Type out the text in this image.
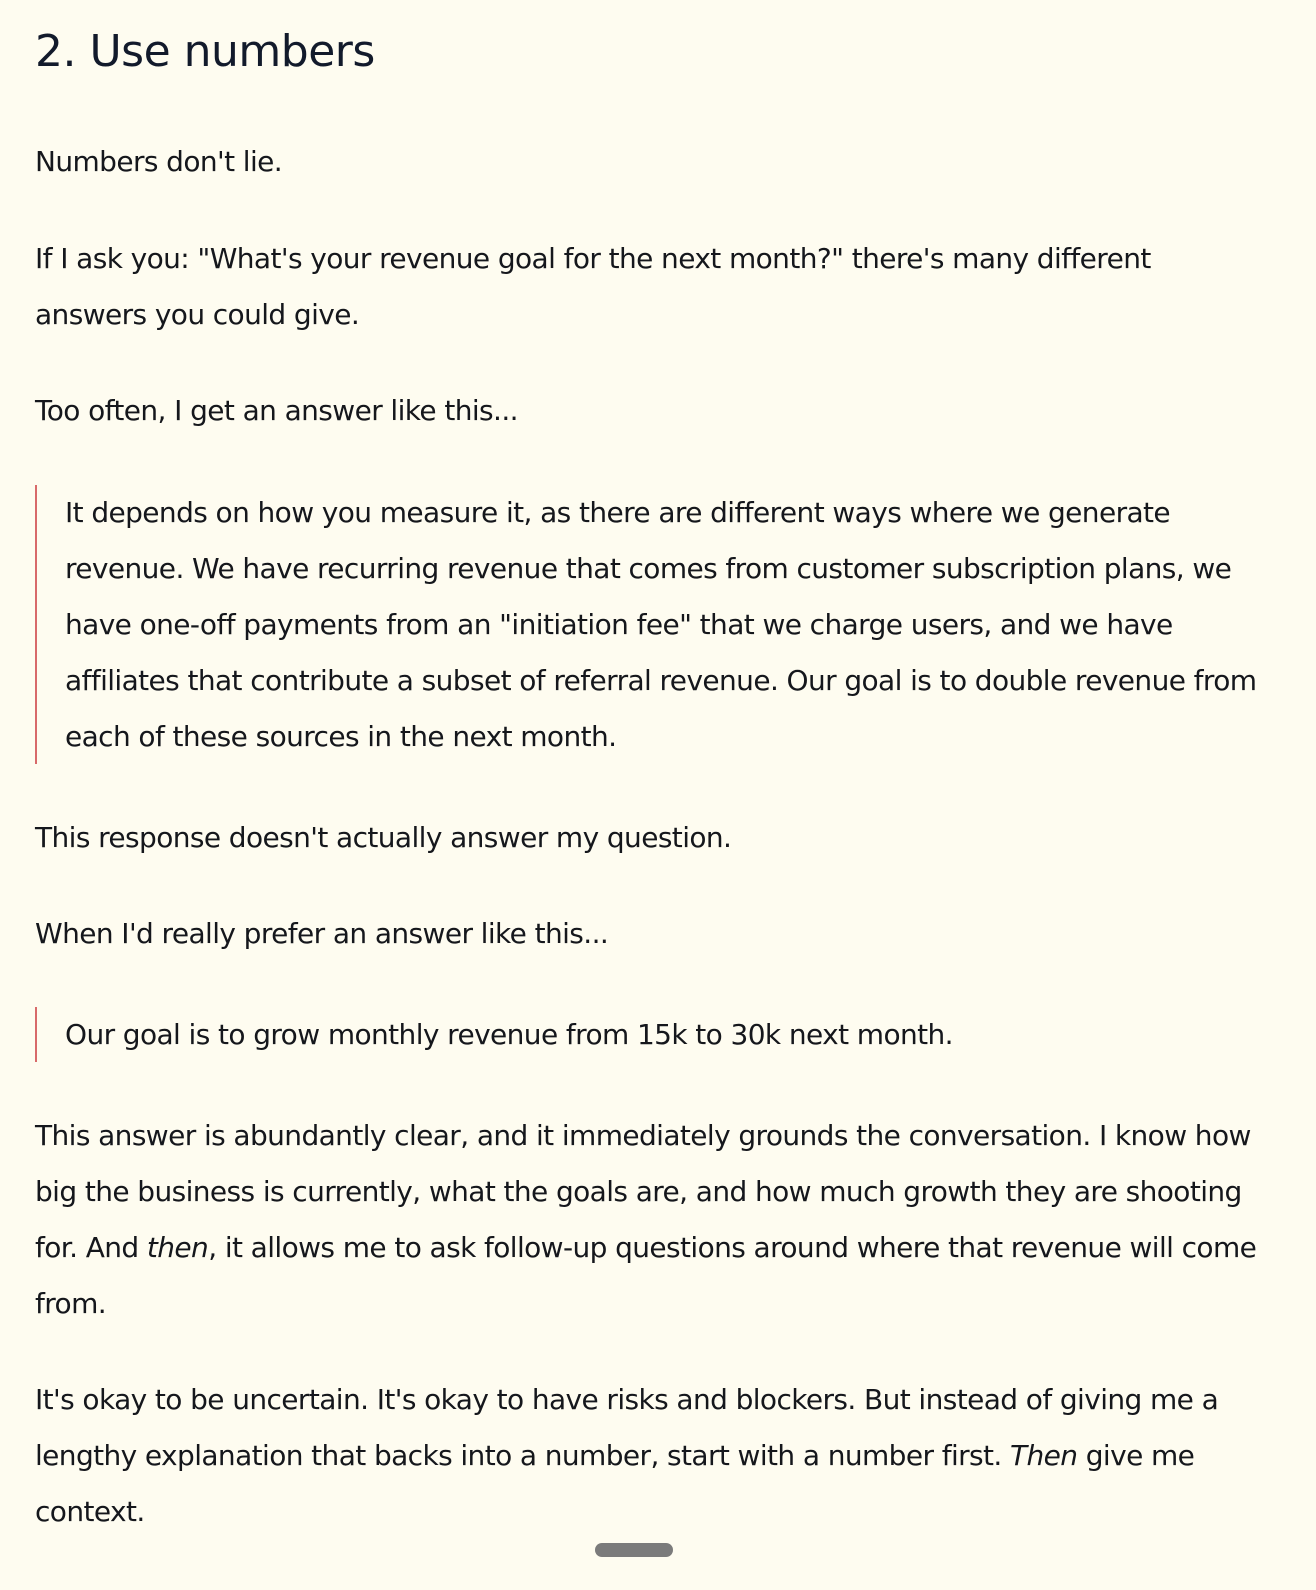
2. Use numbers

Numbers don't lie.

If I ask you: "What's your revenue goal for the next month?" there's many different answers you could give.

Too often, I get an answer like this...

It depends on how you measure it, as there are different ways where we generate revenue. We have recurring revenue that comes from customer subscription plans, we have one-off payments from an "initiation fee" that we charge users, and we have affiliates that contribute a subset of referral revenue. Our goal is to double revenue from each of these sources in the next month.

This response doesn't actually answer my question.

When I'd really prefer an answer like this...

Our goal is to grow monthly revenue from 15k to 30k next month.

This answer is abundantly clear, and it immediately grounds the conversation. I know how big the business is currently, what the goals are, and how much growth they are shooting for. And then, it allows me to ask follow-up questions around where that revenue will come from.

It's okay to be uncertain. It's okay to have risks and blockers. But instead of giving me a lengthy explanation that backs into a number, start with a number first. Then give me context.
